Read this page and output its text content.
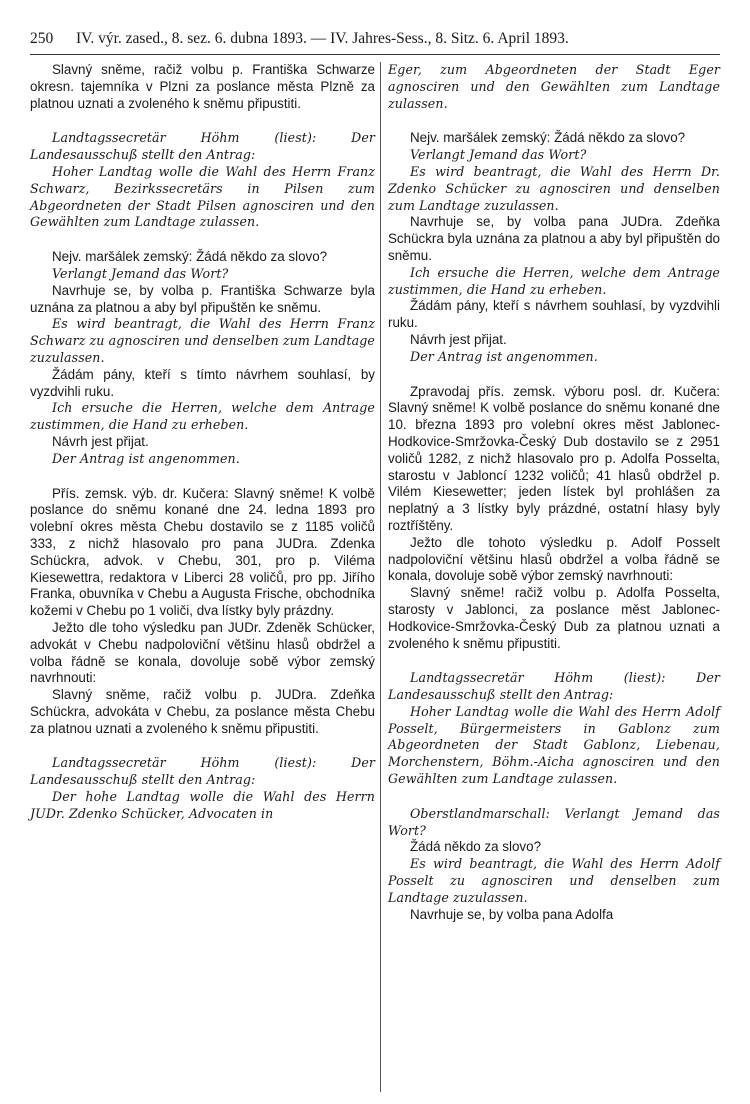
250 IV. výr. zased., 8. sez. 6. dubna 1893. — IV. Jahres-Sess., 8. Sitz. 6. April 1893.
Slavný sněme, račiž volbu p. Františka Schwarze okresn. tajemníka v Plzni za poslance města Plzně za platnou uznati a zvoleného k sněmu připustiti.
Landtagssecretär Höhm (liest): Der Landesausschuß stellt den Antrag:
Hoher Landtag wolle die Wahl des Herrn Franz Schwarz, Bezirkssecretärs in Pilsen zum Abgeordneten der Stadt Pilsen agnosciren und den Gewählten zum Landtage zulassen.
Nejv. maršálek zemský: Žádá někdo za slovo?
Verlangt Jemand das Wort?
Navrhuje se, by volba p. Františka Schwarze byla uznána za platnou a aby byl připuštěn ke sněmu.
Es wird beantragt, die Wahl des Herrn Franz Schwarz zu agnosciren und denselben zum Landtage zuzulassen.
Žádám pány, kteří s tímto návrhem souhlasí, by vyzdvihli ruku.
Ich ersuche die Herren, welche dem Antrage zustimmen, die Hand zu erheben.
Návrh jest přijat.
Der Antrag ist angenommen.
Přís. zemsk. výb. dr. Kučera: Slavný sněme! K volbě poslance do sněmu konané dne 24. ledna 1893 pro volební okres města Chebu dostavilo se z 1185 voličů 333, z nichž hlasovalo pro pana JUDra. Zdenka Schückra, advok. v Chebu, 301, pro p. Viléma Kiesewettra, redaktora v Liberci 28 voličů, pro pp. Jiřího Franka, obuvníka v Chebu a Augusta Frische, obchodníka kožemi v Chebu po 1 voliči, dva lístky byly prázdny.
Ježto dle toho výsledku pan JUDr. Zdeněk Schücker, advokát v Chebu nadpoloviční většinu hlasů obdržel a volba řádně se konala, dovoluje sobě výbor zemský navrhnouti:
Slavný sněme, račiž volbu p. JUDra. Zdeňka Schückra, advokáta v Chebu, za poslance města Chebu za platnou uznati a zvoleného k sněmu připustiti.
Landtagssecretär Höhm (liest): Der Landesausschuß stellt den Antrag:
Der hohe Landtag wolle die Wahl des Herrn JUDr. Zdenko Schücker, Advocaten in
Eger, zum Abgeordneten der Stadt Eger agnosciren und den Gewählten zum Landtage zulassen.
Nejv. maršálek zemský: Žádá někdo za slovo?
Verlangt Jemand das Wort?
Es wird beantragt, die Wahl des Herrn Dr. Zdenko Schücker zu agnosciren und denselben zum Landtage zuzulassen.
Navrhuje se, by volba pana JUDra. Zdeňka Schückra byla uznána za platnou a aby byl připuštěn do sněmu.
Ich ersuche die Herren, welche dem Antrage zustimmen, die Hand zu erheben.
Žádám pány, kteří s návrhem souhlasí, by vyzdvihli ruku.
Návrh jest přijat.
Der Antrag ist angenommen.
Zpravodaj přís. zemsk. výboru posl. dr. Kučera: Slavný sněme! K volbě poslance do sněmu konané dne 10. března 1893 pro volební okres měst Jablonec-Hodkovice-Smržovka-Český Dub dostavilo se z 2951 voličů 1282, z nichž hlasovalo pro p. Adolfa Posselta, starostu v Jabloncí 1232 voličů; 41 hlasů obdržel p. Vilém Kiesewetter; jeden lístek byl prohlášen za neplatný a 3 lístky byly prázdné, ostatní hlasy byly roztříštěny.
Ježto dle tohoto výsledku p. Adolf Posselt nadpoloviční většinu hlasů obdržel a volba řádně se konala, dovoluje sobě výbor zemský navrhnouti:
Slavný sněme! račiž volbu p. Adolfa Posselta, starosty v Jablonci, za poslance měst Jablonec-Hodkovice-Smržovka-Český Dub za platnou uznati a zvoleného k sněmu připustiti.
Landtagssecretär Höhm (liest): Der Landesausschuß stellt den Antrag:
Hoher Landtag wolle die Wahl des Herrn Adolf Posselt, Bürgermeisters in Gablonz zum Abgeordneten der Stadt Gablonz, Liebenau, Morchenstern, Böhm.-Aicha agnosciren und den Gewählten zum Landtage zulassen.
Oberstlandmarschall: Verlangt Jemand das Wort?
Žádá někdo za slovo?
Es wird beantragt, die Wahl des Herrn Adolf Posselt zu agnosciren und denselben zum Landtage zuzulassen.
Navrhuje se, by volba pana Adolfa
